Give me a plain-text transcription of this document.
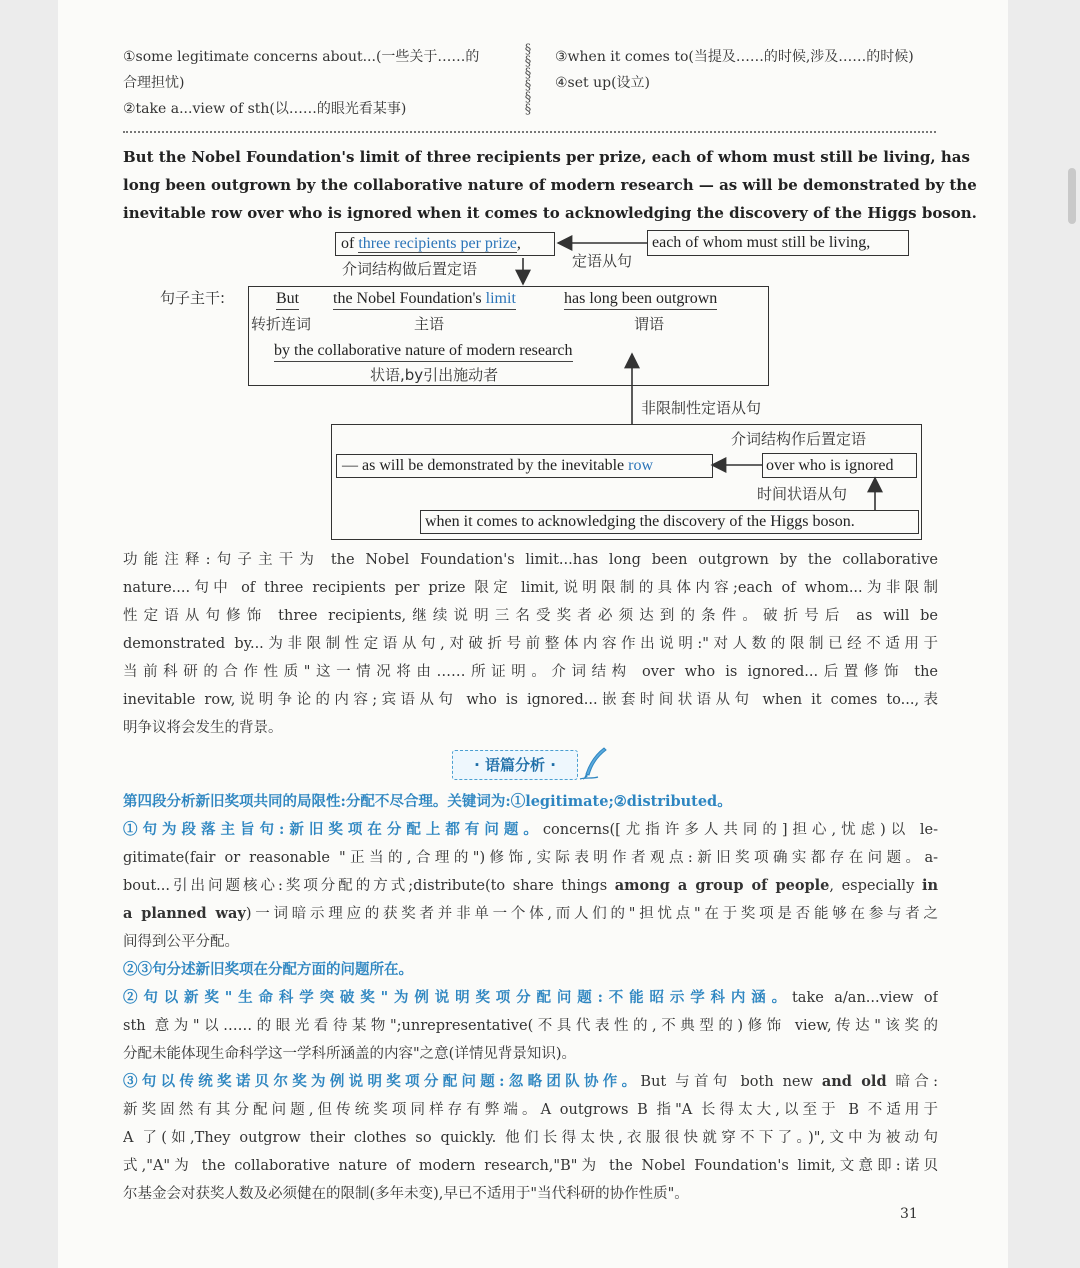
①some legitimate concerns about...(一些关于……的
合理担忧)
②take a...view of sth(以……的眼光看某事)
§
§
§
§
§
§
③when it comes to(当提及……的时候,涉及……的时候)
④set up(设立)
But the Nobel Foundation's limit of three recipients per prize, each of whom must still be living, has
long been outgrown by the collaborative nature of modern research — as will be demonstrated by the
inevitable row over who is ignored when it comes to acknowledging the discovery of the Higgs boson.
of three recipients per prize,
介词结构做后置定语
each of whom must still be living,
定语从句
句子主干:	But
转折连词
the Nobel Foundation's limit
主语
has long been outgrown
谓语
by the collaborative nature of modern research
状语,by引出施动者
非限制性定语从句
介词结构作后置定语
— as will be demonstrated by the inevitable row	over who is ignored
时间状语从句
when it comes to acknowledging the discovery of the Higgs boson.
功能注释:句子主干为 the Nobel Foundation's limit...has long been outgrown by the collaborative
nature....句中 of three recipients per prize 限定 limit,说明限制的具体内容;each of whom...为非限制
性定语从句修饰 three recipients,继续说明三名受奖者必须达到的条件。破折号后 as will be
demonstrated by...为非限制性定语从句,对破折号前整体内容作出说明:"对人数的限制已经不适用于
当前科研的合作性质"这一情况将由……所证明。介词结构 over who is ignored...后置修饰 the
inevitable row,说明争论的内容;宾语从句 who is ignored...嵌套时间状语从句 when it comes to...,表
明争议将会发生的背景。
· 语篇分析 ·
第四段分析新旧奖项共同的局限性:分配不尽合理。关键词为:①legitimate;②distributed。
①句为段落主旨句:新旧奖项在分配上都有问题。concerns([尤指许多人共同的]担心,忧虑)以 le-
gitimate(fair or reasonable "正当的,合理的")修饰,实际表明作者观点:新旧奖项确实都存在问题。a-
bout...引出问题核心:奖项分配的方式;distribute(to share things among a group of people, especially in
a planned way)一词暗示理应的获奖者并非单一个体,而人们的"担忧点"在于奖项是否能够在参与者之
间得到公平分配。
②③句分述新旧奖项在分配方面的问题所在。
②句以新奖"生命科学突破奖"为例说明奖项分配问题:不能昭示学科内涵。take a/an...view of
sth 意为"以……的眼光看待某物";unrepresentative(不具代表性的,不典型的)修饰 view,传达"该奖的
分配未能体现生命科学这一学科所涵盖的内容"之意(详情见背景知识)。
③句以传统奖诺贝尔奖为例说明奖项分配问题:忽略团队协作。But 与首句 both new and old 暗合:
新奖固然有其分配问题,但传统奖项同样存有弊端。A outgrows B 指"A 长得太大,以至于 B 不适用于
A 了(如,They outgrow their clothes so quickly. 他们长得太快,衣服很快就穿不下了。)",文中为被动句
式,"A"为 the collaborative nature of modern research,"B"为 the Nobel Foundation's limit,文意即:诺贝
尔基金会对获奖人数及必须健在的限制(多年未变),早已不适用于"当代科研的协作性质"。
31
